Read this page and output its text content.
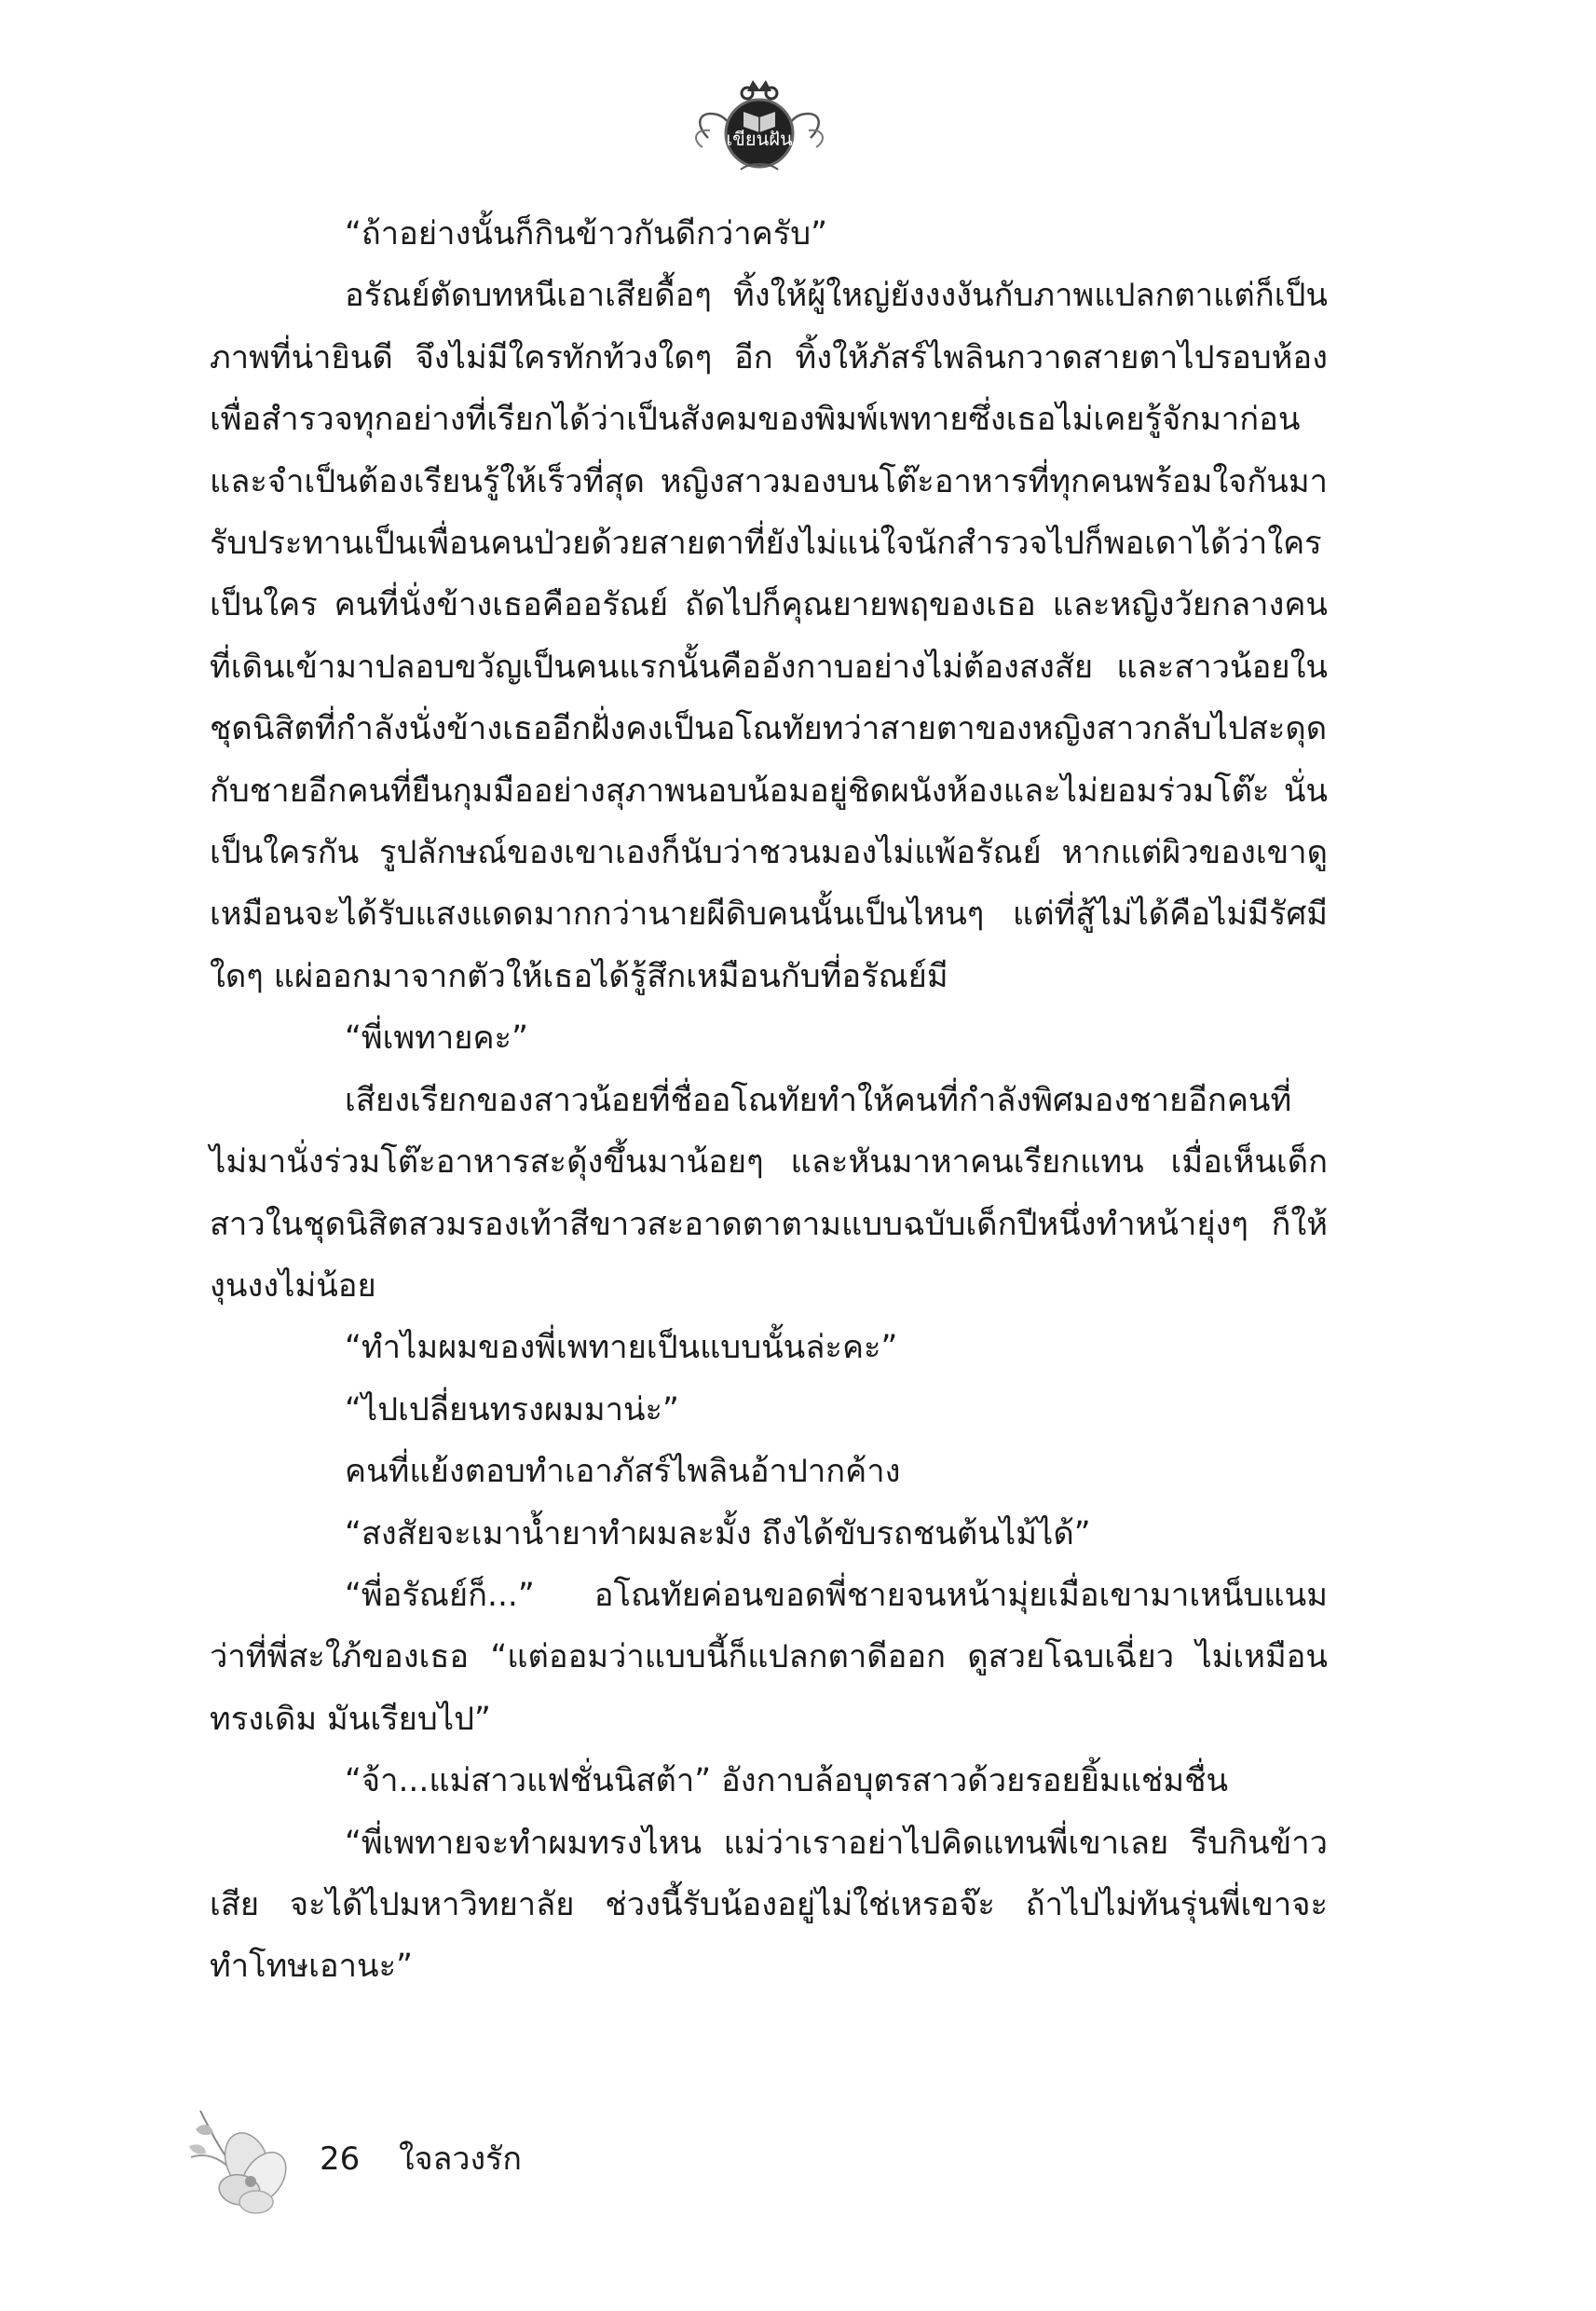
เขียนฝัน

“ถ้าอย่างนั้นก็กินข้าวกันดีกว่าครับ”

อรัณย์ตัดบทหนีเอาเสียดื้อๆ ทิ้งให้ผู้ใหญ่ยังงงงันกับภาพแปลกตาแต่ก็เป็นภาพที่น่ายินดี จึงไม่มีใครทักท้วงใดๆ อีก ทิ้งให้ภัสร์ไพลินกวาดสายตาไปรอบห้องเพื่อสำรวจทุกอย่างที่เรียกได้ว่าเป็นสังคมของพิมพ์เพทายซึ่งเธอไม่เคยรู้จักมาก่อนและจำเป็นต้องเรียนรู้ให้เร็วที่สุด หญิงสาวมองบนโต๊ะอาหารที่ทุกคนพร้อมใจกันมารับประทานเป็นเพื่อนคนป่วยด้วยสายตาที่ยังไม่แน่ใจนักสำรวจไปก็พอเดาได้ว่าใครเป็นใคร คนที่นั่งข้างเธอคืออรัณย์ ถัดไปก็คุณยายพฤของเธอ และหญิงวัยกลางคนที่เดินเข้ามาปลอบขวัญเป็นคนแรกนั้นคืออังกาบอย่างไม่ต้องสงสัย และสาวน้อยในชุดนิสิตที่กำลังนั่งข้างเธออีกฝั่งคงเป็นอโณทัยทว่าสายตาของหญิงสาวกลับไปสะดุดกับชายอีกคนที่ยืนกุมมืออย่างสุภาพนอบน้อมอยู่ชิดผนังห้องและไม่ยอมร่วมโต๊ะ นั่นเป็นใครกัน รูปลักษณ์ของเขาเองก็นับว่าชวนมองไม่แพ้อรัณย์ หากแต่ผิวของเขาดูเหมือนจะได้รับแสงแดดมากกว่านายผีดิบคนนั้นเป็นไหนๆ แต่ที่สู้ไม่ได้คือไม่มีรัศมีใดๆ แผ่ออกมาจากตัวให้เธอได้รู้สึกเหมือนกับที่อรัณย์มี

“พี่เพทายคะ”

เสียงเรียกของสาวน้อยที่ชื่ออโณทัยทำให้คนที่กำลังพิศมองชายอีกคนที่ไม่มานั่งร่วมโต๊ะอาหารสะดุ้งขึ้นมาน้อยๆ และหันมาหาคนเรียกแทน เมื่อเห็นเด็กสาวในชุดนิสิตสวมรองเท้าสีขาวสะอาดตาตามแบบฉบับเด็กปีหนึ่งทำหน้ายุ่งๆ ก็ให้งุนงงไม่น้อย

“ทำไมผมของพี่เพทายเป็นแบบนั้นล่ะคะ”

“ไปเปลี่ยนทรงผมมาน่ะ”

คนที่แย้งตอบทำเอาภัสร์ไพลินอ้าปากค้าง

“สงสัยจะเมาน้ำยาทำผมละมั้ง ถึงได้ขับรถชนต้นไม้ได้”

“พี่อรัณย์ก็...” อโณทัยค่อนขอดพี่ชายจนหน้ามุ่ยเมื่อเขามาเหน็บแนมว่าที่พี่สะใภ้ของเธอ “แต่ออมว่าแบบนี้ก็แปลกตาดีออก ดูสวยโฉบเฉี่ยว ไม่เหมือนทรงเดิม มันเรียบไป”

“จ้า...แม่สาวแฟชั่นนิสต้า” อังกาบล้อบุตรสาวด้วยรอยยิ้มแช่มชื่น

“พี่เพทายจะทำผมทรงไหน แม่ว่าเราอย่าไปคิดแทนพี่เขาเลย รีบกินข้าวเสีย จะได้ไปมหาวิทยาลัย ช่วงนี้รับน้องอยู่ไม่ใช่เหรอจ๊ะ ถ้าไปไม่ทันรุ่นพี่เขาจะทำโทษเอานะ”

26 ใจลวงรัก
